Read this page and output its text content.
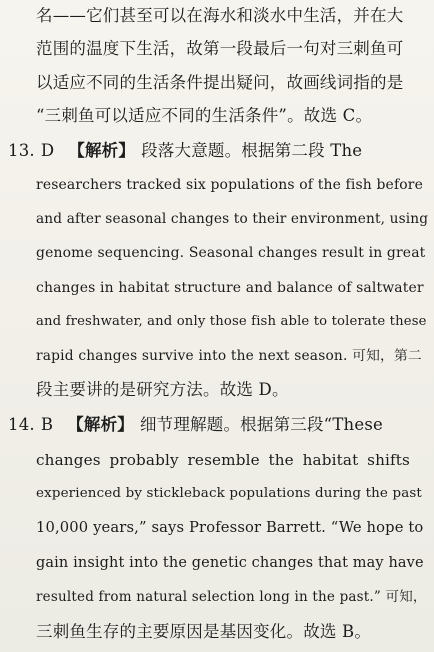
名——它们甚至可以在海水和淡水中生活，并在大
范围的温度下生活，故第一段最后一句对三刺鱼可
以适应不同的生活条件提出疑问，故画线词指的是
“三刺鱼可以适应不同的生活条件”。故选 C。
13. D 【解析】 段落大意题。根据第二段 The
researchers tracked six populations of the fish before
and after seasonal changes to their environment, using
genome sequencing. Seasonal changes result in great
changes in habitat structure and balance of saltwater
and freshwater, and only those fish able to tolerate these
rapid changes survive into the next season. 可知，第二
段主要讲的是研究方法。故选 D。
14. B 【解析】 细节理解题。根据第三段“These
changes probably resemble the habitat shifts
experienced by stickleback populations during the past
10,000 years,” says Professor Barrett. “We hope to
gain insight into the genetic changes that may have
resulted from natural selection long in the past.” 可知，
三刺鱼生存的主要原因是基因变化。故选 B。
